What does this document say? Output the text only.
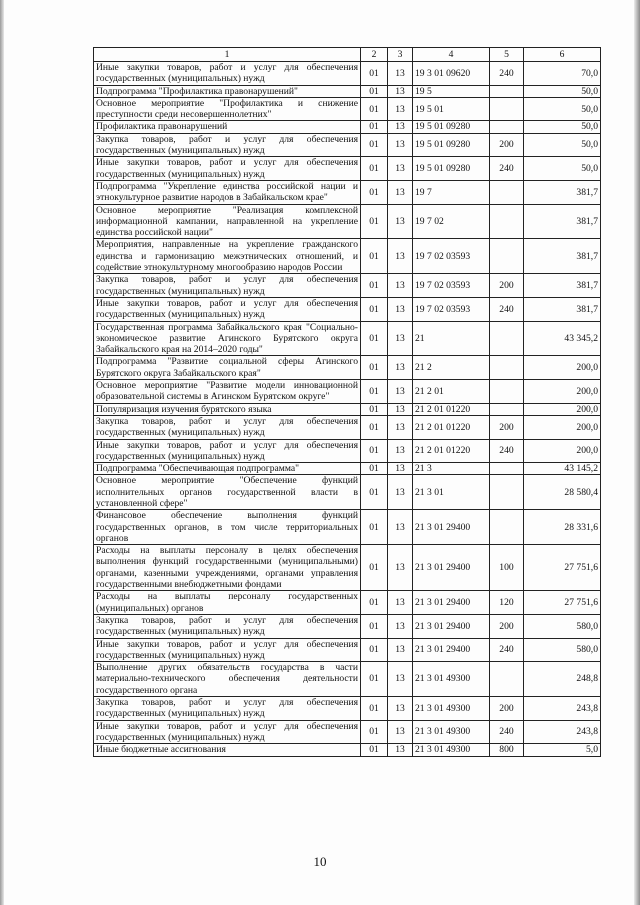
1	2	3	4	5	6
Иные закупки товаров, работ и услуг для обеспечения государственных (муниципальных) нужд	01	13	19 3 01 09620	240	70,0
Подпрограмма "Профилактика правонарушений"	01	13	19 5		50,0
Основное мероприятие "Профилактика и снижение преступности среди несовершеннолетних"	01	13	19 5 01		50,0
Профилактика правонарушений	01	13	19 5 01 09280		50,0
Закупка товаров, работ и услуг для обеспечения государственных (муниципальных) нужд	01	13	19 5 01 09280	200	50,0
Иные закупки товаров, работ и услуг для обеспечения государственных (муниципальных) нужд	01	13	19 5 01 09280	240	50,0
Подпрограмма "Укрепление единства российской нации и этнокультурное развитие народов в Забайкальском крае"	01	13	19 7		381,7
Основное мероприятие "Реализация комплексной информационной кампании, направленной на укрепление единства российской нации"	01	13	19 7 02		381,7
Мероприятия, направленные на укрепление гражданского единства и гармонизацию межэтнических отношений, и содействие этнокультурному многообразию народов России	01	13	19 7 02 03593		381,7
Закупка товаров, работ и услуг для обеспечения государственных (муниципальных) нужд	01	13	19 7 02 03593	200	381,7
Иные закупки товаров, работ и услуг для обеспечения государственных (муниципальных) нужд	01	13	19 7 02 03593	240	381,7
Государственная программа Забайкальского края "Социально-экономическое развитие Агинского Бурятского округа Забайкальского края на 2014–2020 годы"	01	13	21		43 345,2
Подпрограмма "Развитие социальной сферы Агинского Бурятского округа Забайкальского края"	01	13	21 2		200,0
Основное мероприятие "Развитие модели инновационной образовательной системы в Агинском Бурятском округе"	01	13	21 2 01		200,0
Популяризация изучения бурятского языка	01	13	21 2 01 01220		200,0
Закупка товаров, работ и услуг для обеспечения государственных (муниципальных) нужд	01	13	21 2 01 01220	200	200,0
Иные закупки товаров, работ и услуг для обеспечения государственных (муниципальных) нужд	01	13	21 2 01 01220	240	200,0
Подпрограмма "Обеспечивающая подпрограмма"	01	13	21 3		43 145,2
Основное мероприятие "Обеспечение функций исполнительных органов государственной власти в установленной сфере"	01	13	21 3 01		28 580,4
Финансовое обеспечение выполнения функций государственных органов, в том числе территориальных органов	01	13	21 3 01 29400		28 331,6
Расходы на выплаты персоналу в целях обеспечения выполнения функций государственными (муниципальными) органами, казенными учреждениями, органами управления государственными внебюджетными фондами	01	13	21 3 01 29400	100	27 751,6
Расходы на выплаты персоналу государственных (муниципальных) органов	01	13	21 3 01 29400	120	27 751,6
Закупка товаров, работ и услуг для обеспечения государственных (муниципальных) нужд	01	13	21 3 01 29400	200	580,0
Иные закупки товаров, работ и услуг для обеспечения государственных (муниципальных) нужд	01	13	21 3 01 29400	240	580,0
Выполнение других обязательств государства в части материально-технического обеспечения деятельности государственного органа	01	13	21 3 01 49300		248,8
Закупка товаров, работ и услуг для обеспечения государственных (муниципальных) нужд	01	13	21 3 01 49300	200	243,8
Иные закупки товаров, работ и услуг для обеспечения государственных (муниципальных) нужд	01	13	21 3 01 49300	240	243,8
Иные бюджетные ассигнования	01	13	21 3 01 49300	800	5,0
10
